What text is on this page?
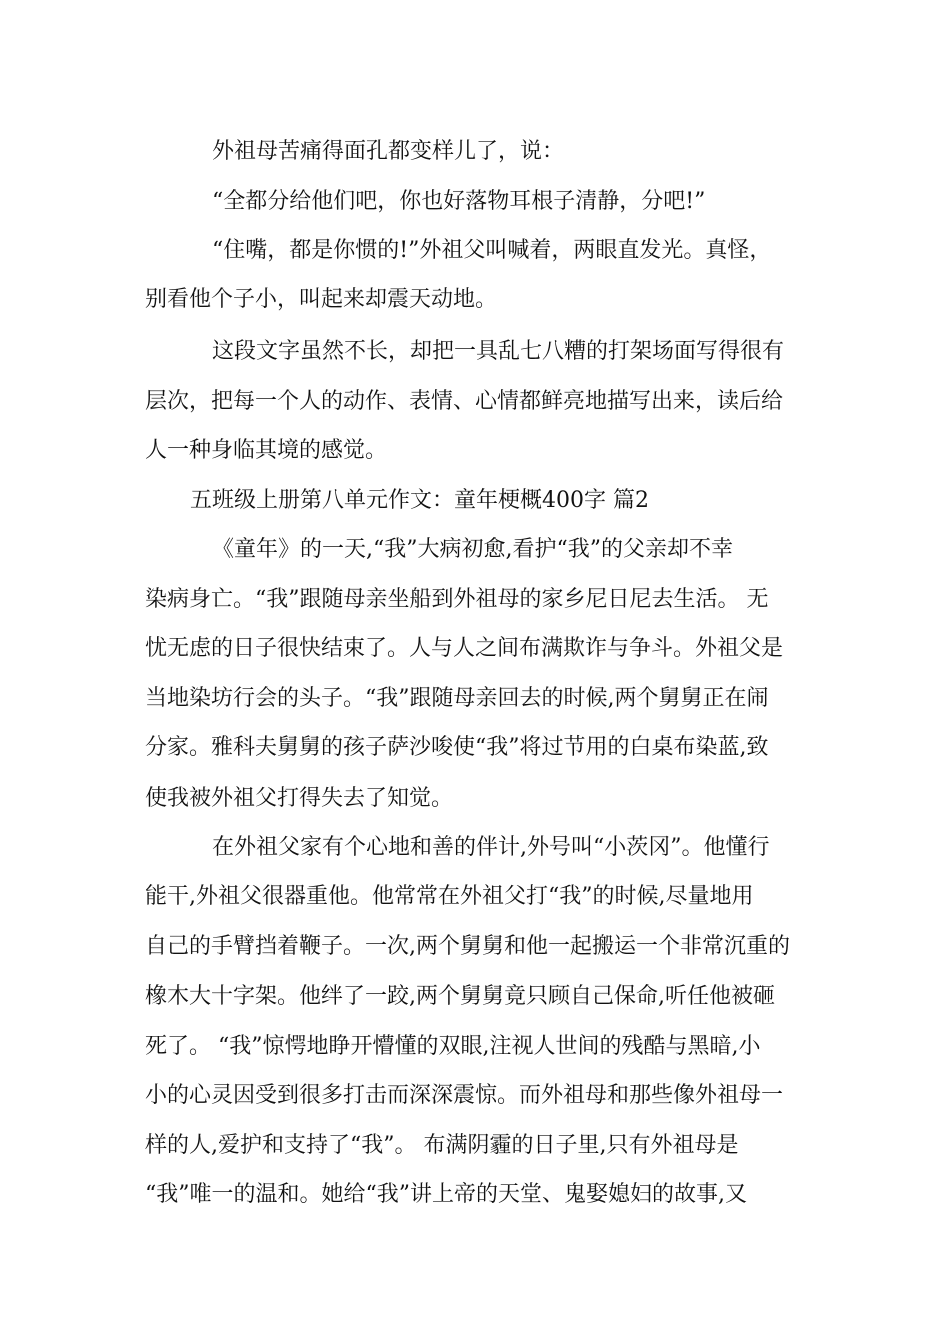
外祖母苦痛得面孔都变样儿了，说：
“全都分给他们吧，你也好落物耳根子清静，分吧!”
“住嘴，都是你惯的!”外祖父叫喊着，两眼直发光。真怪，
别看他个子小，叫起来却震天动地。
这段文字虽然不长，却把一具乱七八糟的打架场面写得很有
层次，把每一个人的动作、表情、心情都鲜亮地描写出来，读后给
人一种身临其境的感觉。
五班级上册第八单元作文：童年梗概400字 篇2
《童年》的一天,“我”大病初愈,看护“我”的父亲却不幸
染病身亡。“我”跟随母亲坐船到外祖母的家乡尼日尼去生活。 无
忧无虑的日子很快结束了。人与人之间布满欺诈与争斗。外祖父是
当地染坊行会的头子。“我”跟随母亲回去的时候,两个舅舅正在闹
分家。雅科夫舅舅的孩子萨沙唆使“我”将过节用的白桌布染蓝,致
使我被外祖父打得失去了知觉。
在外祖父家有个心地和善的伴计,外号叫“小茨冈”。他懂行
能干,外祖父很器重他。他常常在外祖父打“我”的时候,尽量地用
自己的手臂挡着鞭子。一次,两个舅舅和他一起搬运一个非常沉重的
橡木大十字架。他绊了一跤,两个舅舅竟只顾自己保命,听任他被砸
死了。 “我”惊愕地睁开懵懂的双眼,注视人世间的残酷与黑暗,小
小的心灵因受到很多打击而深深震惊。而外祖母和那些像外祖母一
样的人,爱护和支持了“我”。 布满阴霾的日子里,只有外祖母是
“我”唯一的温和。她给“我”讲上帝的天堂、鬼娶媳妇的故事,又
